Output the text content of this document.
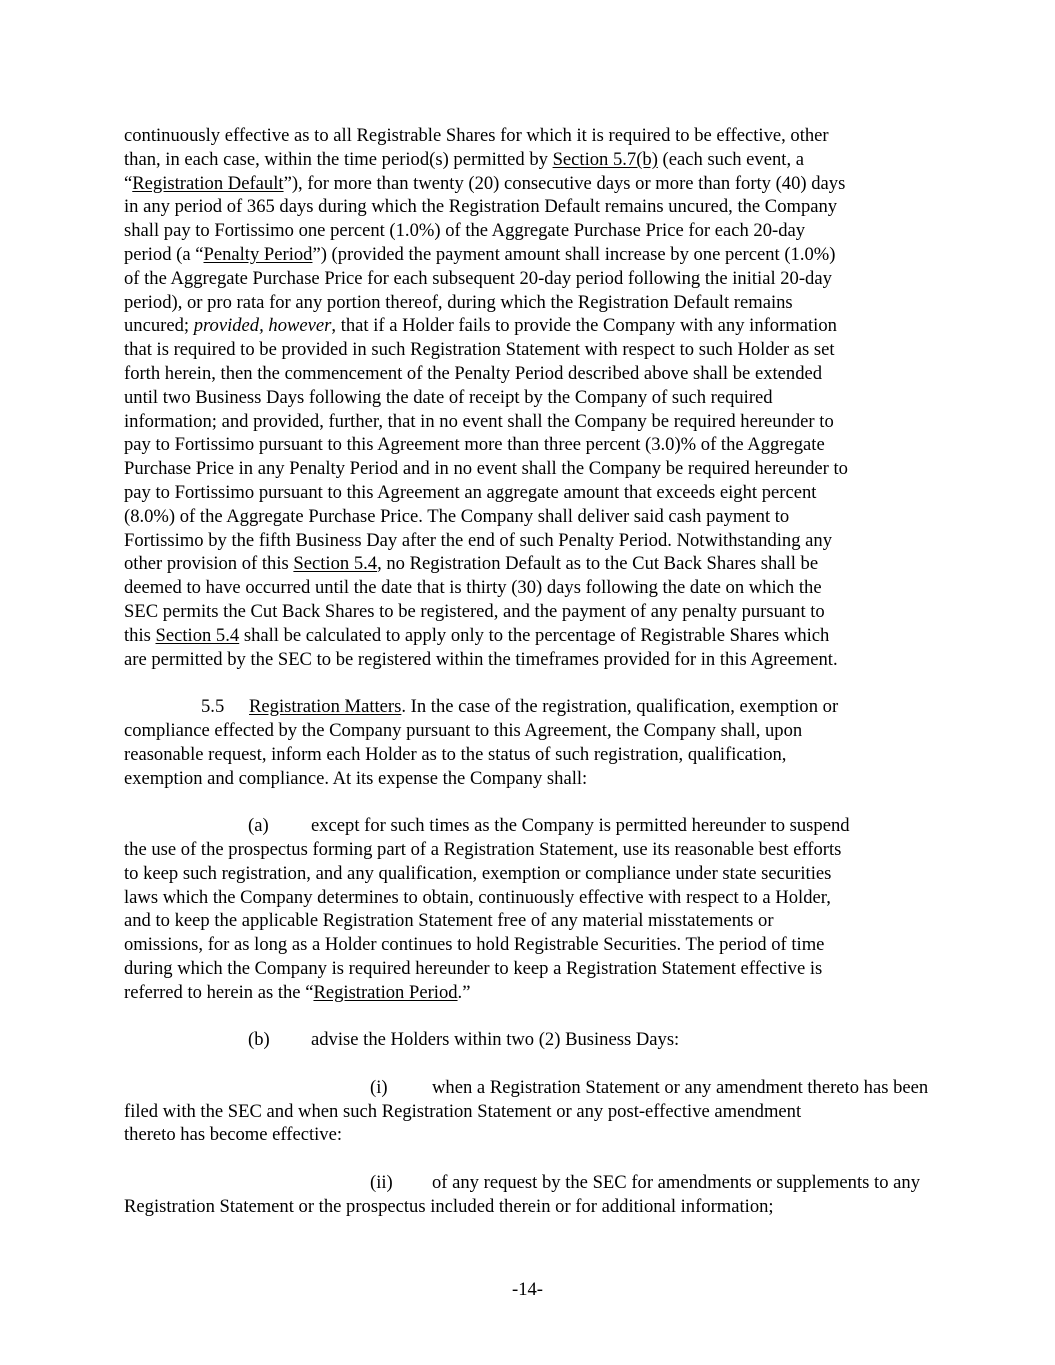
continuously effective as to all Registrable Shares for which it is required to be effective, other
than, in each case, within the time period(s) permitted by Section 5.7(b) (each such event, a
“Registration Default”), for more than twenty (20) consecutive days or more than forty (40) days
in any period of 365 days during which the Registration Default remains uncured, the Company
shall pay to Fortissimo one percent (1.0%) of the Aggregate Purchase Price for each 20-day
period (a “Penalty Period”) (provided the payment amount shall increase by one percent (1.0%)
of the Aggregate Purchase Price for each subsequent 20-day period following the initial 20-day
period), or pro rata for any portion thereof, during which the Registration Default remains
uncured; provided, however, that if a Holder fails to provide the Company with any information
that is required to be provided in such Registration Statement with respect to such Holder as set
forth herein, then the commencement of the Penalty Period described above shall be extended
until two Business Days following the date of receipt by the Company of such required
information; and provided, further, that in no event shall the Company be required hereunder to
pay to Fortissimo pursuant to this Agreement more than three percent (3.0)% of the Aggregate
Purchase Price in any Penalty Period and in no event shall the Company be required hereunder to
pay to Fortissimo pursuant to this Agreement an aggregate amount that exceeds eight percent
(8.0%) of the Aggregate Purchase Price. The Company shall deliver said cash payment to
Fortissimo by the fifth Business Day after the end of such Penalty Period. Notwithstanding any
other provision of this Section 5.4, no Registration Default as to the Cut Back Shares shall be
deemed to have occurred until the date that is thirty (30) days following the date on which the
SEC permits the Cut Back Shares to be registered, and the payment of any penalty pursuant to
this Section 5.4 shall be calculated to apply only to the percentage of Registrable Shares which
are permitted by the SEC to be registered within the timeframes provided for in this Agreement.
5.5 Registration Matters. In the case of the registration, qualification, exemption or
compliance effected by the Company pursuant to this Agreement, the Company shall, upon
reasonable request, inform each Holder as to the status of such registration, qualification,
exemption and compliance. At its expense the Company shall:
(a) except for such times as the Company is permitted hereunder to suspend
the use of the prospectus forming part of a Registration Statement, use its reasonable best efforts
to keep such registration, and any qualification, exemption or compliance under state securities
laws which the Company determines to obtain, continuously effective with respect to a Holder,
and to keep the applicable Registration Statement free of any material misstatements or
omissions, for as long as a Holder continues to hold Registrable Securities. The period of time
during which the Company is required hereunder to keep a Registration Statement effective is
referred to herein as the “Registration Period.”
(b) advise the Holders within two (2) Business Days:
(i) when a Registration Statement or any amendment thereto has been
filed with the SEC and when such Registration Statement or any post-effective amendment
thereto has become effective:
(ii) of any request by the SEC for amendments or supplements to any
Registration Statement or the prospectus included therein or for additional information;
-14-
